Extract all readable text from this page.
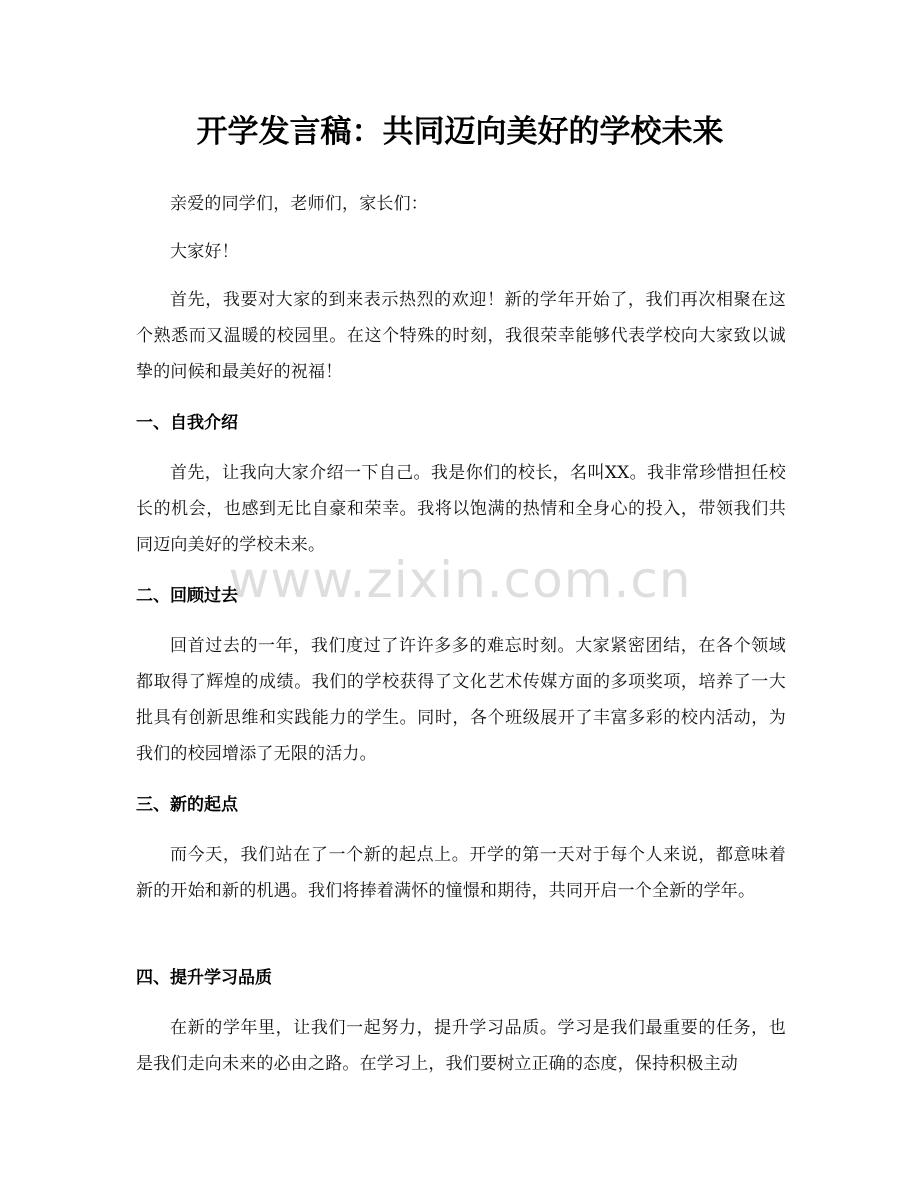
开学发言稿：共同迈向美好的学校未来

亲爱的同学们，老师们，家长们：

大家好！

首先，我要对大家的到来表示热烈的欢迎！新的学年开始了，我们再次相聚在这个熟悉而又温暖的校园里。在这个特殊的时刻，我很荣幸能够代表学校向大家致以诚挚的问候和最美好的祝福！

一、自我介绍

首先，让我向大家介绍一下自己。我是你们的校长，名叫XX。我非常珍惜担任校长的机会，也感到无比自豪和荣幸。我将以饱满的热情和全身心的投入，带领我们共同迈向美好的学校未来。

二、回顾过去

回首过去的一年，我们度过了许许多多的难忘时刻。大家紧密团结，在各个领域都取得了辉煌的成绩。我们的学校获得了文化艺术传媒方面的多项奖项，培养了一大批具有创新思维和实践能力的学生。同时，各个班级展开了丰富多彩的校内活动，为我们的校园增添了无限的活力。

三、新的起点

而今天，我们站在了一个新的起点上。开学的第一天对于每个人来说，都意味着新的开始和新的机遇。我们将捧着满怀的憧憬和期待，共同开启一个全新的学年。

四、提升学习品质

在新的学年里，让我们一起努力，提升学习品质。学习是我们最重要的任务，也是我们走向未来的必由之路。在学习上，我们要树立正确的态度，保持积极主动

www.zixin.com.cn
